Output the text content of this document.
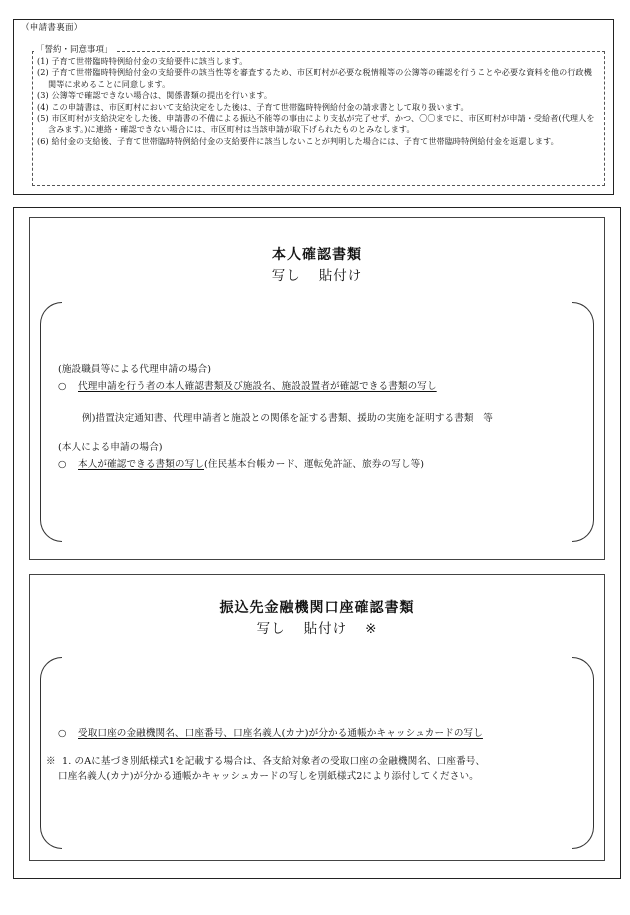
（申請書裏面）
「誓約・同意事項」
(1) 子育て世帯臨時特例給付金の支給要件に該当します。
(2) 子育て世帯臨時特例給付金の支給要件の該当性等を審査するため、市区町村が必要な税情報等の公簿等の確認を行うことや必要な資料を他の行政機関等に求めることに同意します。
(3) 公簿等で確認できない場合は、関係書類の提出を行います。
(4) この申請書は、市区町村において支給決定をした後は、子育て世帯臨時特例給付金の請求書として取り扱います。
(5) 市区町村が支給決定をした後、申請書の不備による振込不能等の事由により支払が完了せず、かつ、〇〇までに、市区町村が申請・受給者(代理人を含みます。)に連絡・確認できない場合には、市区町村は当該申請が取下げられたものとみなします。
(6) 給付金の支給後、子育て世帯臨時特例給付金の支給要件に該当しないことが判明した場合には、子育て世帯臨時特例給付金を返還します。
本人確認書類
写し 貼付け
(施設職員等による代理申請の場合)
○ 代理申請を行う者の本人確認書類及び施設名、施設設置者が確認できる書類の写し
例)措置決定通知書、代理申請者と施設との関係を証する書類、援助の実施を証明する書類　等
(本人による申請の場合)
○ 本人が確認できる書類の写し(住民基本台帳カード、運転免許証、旅券の写し等)
振込先金融機関口座確認書類
写し 貼付け ※
○ 受取口座の金融機関名、口座番号、口座名義人(カナ)が分かる通帳かキャッシュカードの写し
※ 1. のAに基づき別紙様式1を記載する場合は、各支給対象者の受取口座の金融機関名、口座番号、
口座名義人(カナ)が分かる通帳かキャッシュカードの写しを別紙様式2により添付してください。
